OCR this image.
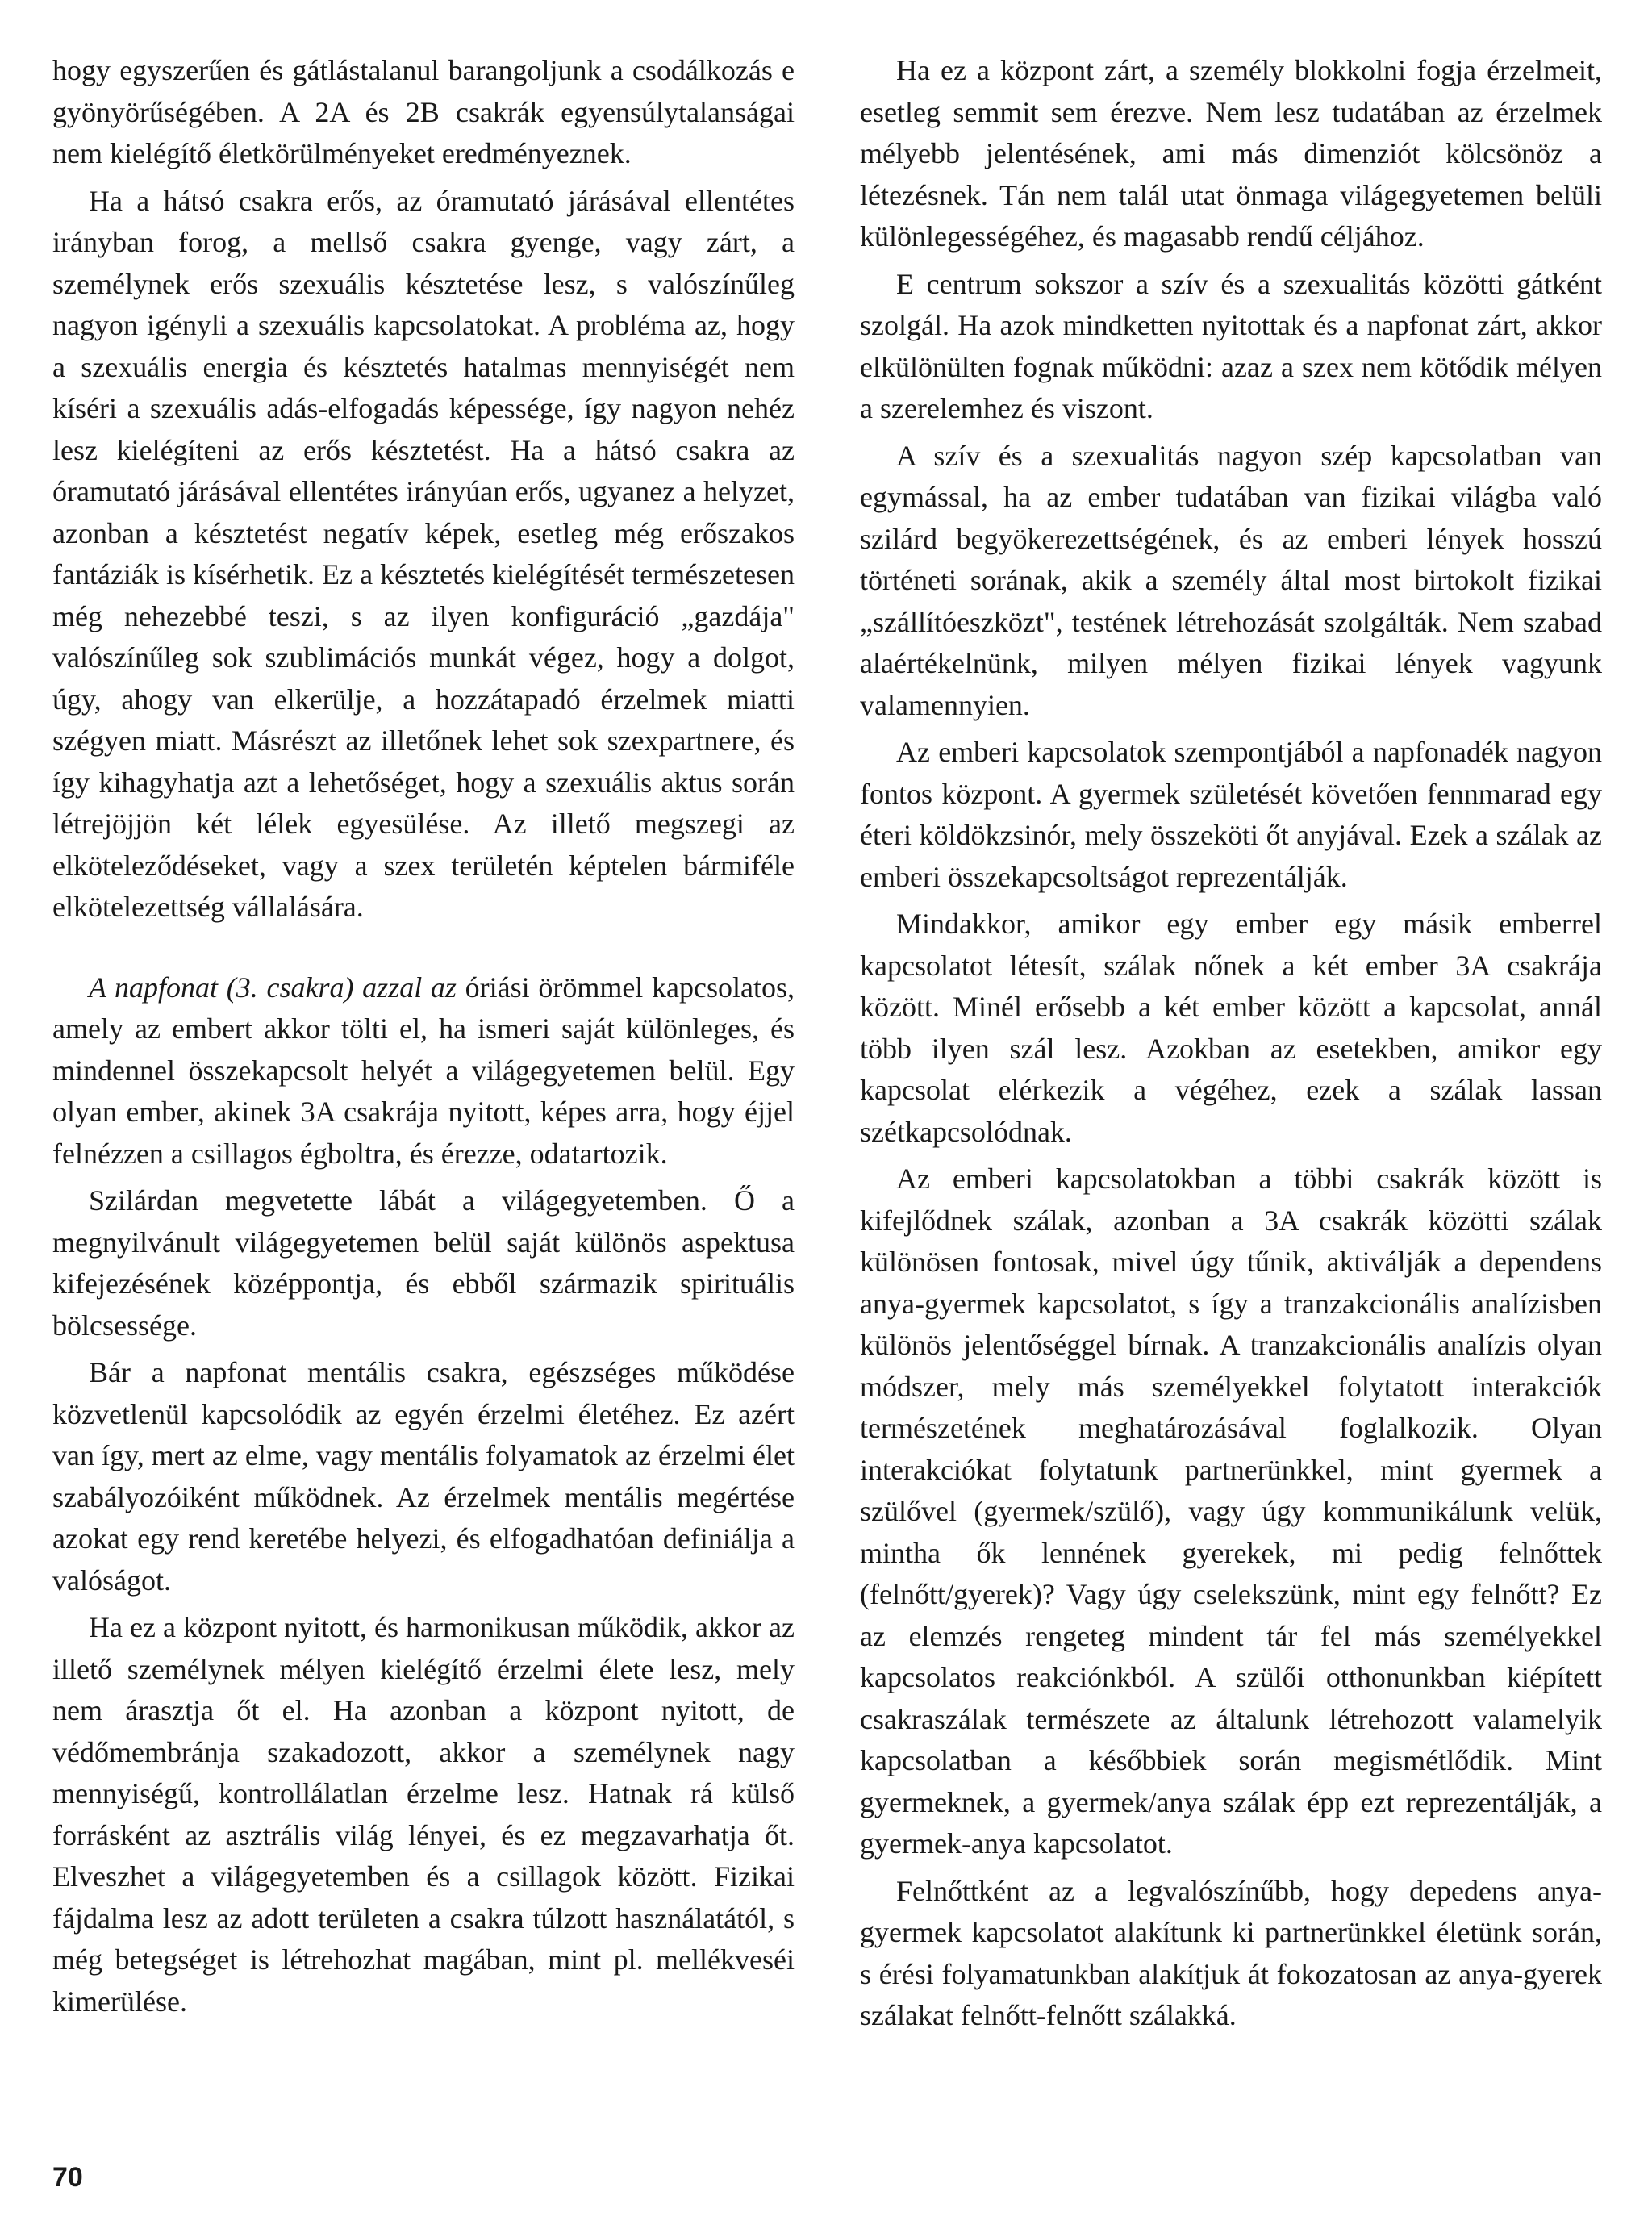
hogy egyszerűen és gátlástalanul barangoljunk a csodálkozás e gyönyörűségében. A 2A és 2B csakrák egyensúlytalanságai nem kielégítő életkörülményeket eredményeznek.

Ha a hátsó csakra erős, az óramutató járásával ellentétes irányban forog, a mellső csakra gyenge, vagy zárt, a személynek erős szexuális késztetése lesz, s valószínűleg nagyon igényli a szexuális kapcsolatokat. A probléma az, hogy a szexuális energia és késztetés hatalmas mennyiségét nem kíséri a szexuális adás-elfogadás képessége, így nagyon nehéz lesz kielégíteni az erős késztetést. Ha a hátsó csakra az óramutató járásával ellentétes irányúan erős, ugyanez a helyzet, azonban a késztetést negatív képek, esetleg még erőszakos fantáziák is kísérhetik. Ez a késztetés kielégítését természetesen még nehezebbé teszi, s az ilyen konfiguráció „gazdája" valószínűleg sok szublimációs munkát végez, hogy a dolgot, úgy, ahogy van elkerülje, a hozzátapadó érzelmek miatti szégyen miatt. Másrészt az illetőnek lehet sok szexpartnere, és így kihagyhatja azt a lehetőséget, hogy a szexuális aktus során létrejöjjön két lélek egyesülése. Az illető megszegi az elköteleződéseket, vagy a szex területén képtelen bármiféle elkötelezettség vállalására.

A napfonat (3. csakra) azzal az óriási örömmel kapcsolatos, amely az embert akkor tölti el, ha ismeri saját különleges, és mindennel összekapcsolt helyét a világegyetemen belül. Egy olyan ember, akinek 3A csakrája nyitott, képes arra, hogy éjjel felnézzen a csillagos égboltra, és érezze, odatartozik.

Szilárdan megvetette lábát a világegyetemben. Ő a megnyilvánult világegyetemen belül saját különös aspektusa kifejezésének középpontja, és ebből származik spirituális bölcsessége.

Bár a napfonat mentális csakra, egészséges működése közvetlenül kapcsolódik az egyén érzelmi életéhez. Ez azért van így, mert az elme, vagy mentális folyamatok az érzelmi élet szabályozóiként működnek. Az érzelmek mentális megértése azokat egy rend keretébe helyezi, és elfogadhatóan definiálja a valóságot.

Ha ez a központ nyitott, és harmonikusan működik, akkor az illető személynek mélyen kielégítő érzelmi élete lesz, mely nem árasztja őt el. Ha azonban a központ nyitott, de védőmembránja szakadozott, akkor a személynek nagy mennyiségű, kontrollálatlan érzelme lesz. Hatnak rá külső forrásként az asztrális világ lényei, és ez megzavarhatja őt. Elveszhet a világegyetemben és a csillagok között. Fizikai fájdalma lesz az adott területen a csakra túlzott használatától, s még betegséget is létrehozhat magában, mint pl. mellékveséi kimerülése.

Ha ez a központ zárt, a személy blokkolni fogja érzelmeit, esetleg semmit sem érezve. Nem lesz tudatában az érzelmek mélyebb jelentésének, ami más dimenziót kölcsönöz a létezésnek. Tán nem talál utat önmaga világegyetemen belüli különlegességéhez, és magasabb rendű céljához.

E centrum sokszor a szív és a szexualitás közötti gátként szolgál. Ha azok mindketten nyitottak és a napfonat zárt, akkor elkülönülten fognak működni: azaz a szex nem kötődik mélyen a szerelemhez és viszont.

A szív és a szexualitás nagyon szép kapcsolatban van egymással, ha az ember tudatában van fizikai világba való szilárd begyökerezettségének, és az emberi lények hosszú történeti sorának, akik a személy által most birtokolt fizikai „szállítóeszközt", testének létrehozását szolgálták. Nem szabad alaértékelnünk, milyen mélyen fizikai lények vagyunk valamennyien.

Az emberi kapcsolatok szempontjából a napfonadék nagyon fontos központ. A gyermek születését követően fennmarad egy éteri köldökzsinór, mely összeköti őt anyjával. Ezek a szálak az emberi összekapcsoltságot reprezentálják.

Mindakkor, amikor egy ember egy másik emberrel kapcsolatot létesít, szálak nőnek a két ember 3A csakrája között. Minél erősebb a két ember között a kapcsolat, annál több ilyen szál lesz. Azokban az esetekben, amikor egy kapcsolat elérkezik a végéhez, ezek a szálak lassan szétkapcsolódnak.

Az emberi kapcsolatokban a többi csakrák között is kifejlődnek szálak, azonban a 3A csakrák közötti szálak különösen fontosak, mivel úgy tűnik, aktiválják a dependens anya-gyermek kapcsolatot, s így a tranzakcionális analízisben különös jelentőséggel bírnak. A tranzakcionális analízis olyan módszer, mely más személyekkel folytatott interakciók természetének meghatározásával foglalkozik. Olyan interakciókat folytatunk partnerünkkel, mint gyermek a szülővel (gyermek/szülő), vagy úgy kommunikálunk velük, mintha ők lennének gyerekek, mi pedig felnőttek (felnőtt/gyerek)? Vagy úgy cselekszünk, mint egy felnőtt? Ez az elemzés rengeteg mindent tár fel más személyekkel kapcsolatos reakciónkból. A szülői otthonunkban kiépített csakraszálak természete az általunk létrehozott valamelyik kapcsolatban a későbbiek során megismétlődik. Mint gyermeknek, a gyermek/anya szálak épp ezt reprezentálják, a gyermek-anya kapcsolatot.

Felnőttként az a legvalószínűbb, hogy depedens anya-gyermek kapcsolatot alakítunk ki partnerünkkel életünk során, s érési folyamatunkban alakítjuk át fokozatosan az anya-gyerek szálakat felnőtt-felnőtt szálakká.

70
